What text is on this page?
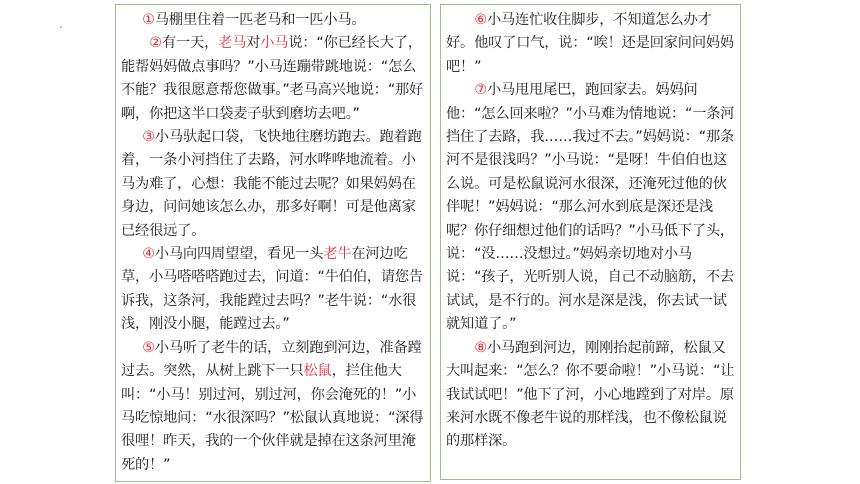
①马棚里住着一匹老马和一匹小马。

②有一天，老马对小马说：“你已经长大了，能帮妈妈做点事吗？”小马连蹦带跳地说：“怎么不能？我很愿意帮您做事。”老马高兴地说：“那好啊，你把这半口袋麦子驮到磨坊去吧。”

③小马驮起口袋，飞快地往磨坊跑去。跑着跑着，一条小河挡住了去路，河水哗哗地流着。小马为难了，心想：我能不能过去呢？如果妈妈在身边，问问她该怎么办，那多好啊！可是他离家已经很远了。

④小马向四周望望，看见一头老牛在河边吃草，小马嗒嗒嗒跑过去，问道：“牛伯伯，请您告诉我，这条河，我能蹚过去吗？”老牛说：“水很浅，刚没小腿，能蹚过去。”

⑤小马听了老牛的话，立刻跑到河边，准备蹚过去。突然，从树上跳下一只松鼠，拦住他大叫：“小马！别过河，别过河，你会淹死的！”小马吃惊地问：“水很深吗？”松鼠认真地说：“深得很哩！昨天，我的一个伙伴就是掉在这条河里淹死的！”

⑥小马连忙收住脚步，不知道怎么办才好。他叹了口气，说：“唉！还是回家问问妈妈吧！”

⑦小马甩甩尾巴，跑回家去。妈妈问他：“怎么回来啦？”小马难为情地说：“一条河挡住了去路，我……我过不去。”妈妈说：“那条河不是很浅吗？”小马说：“是呀！牛伯伯也这么说。可是松鼠说河水很深，还淹死过他的伙伴呢！”妈妈说：“那么河水到底是深还是浅呢？你仔细想过他们的话吗？”小马低下了头，说：“没……没想过。”妈妈亲切地对小马说：“孩子，光听别人说，自己不动脑筋，不去试试，是不行的。河水是深是浅，你去试一试就知道了。”

⑧小马跑到河边，刚刚抬起前蹄，松鼠又大叫起来：“怎么？你不要命啦！”小马说：“让我试试吧！”他下了河，小心地蹚到了对岸。原来河水既不像老牛说的那样浅，也不像松鼠说的那样深。
